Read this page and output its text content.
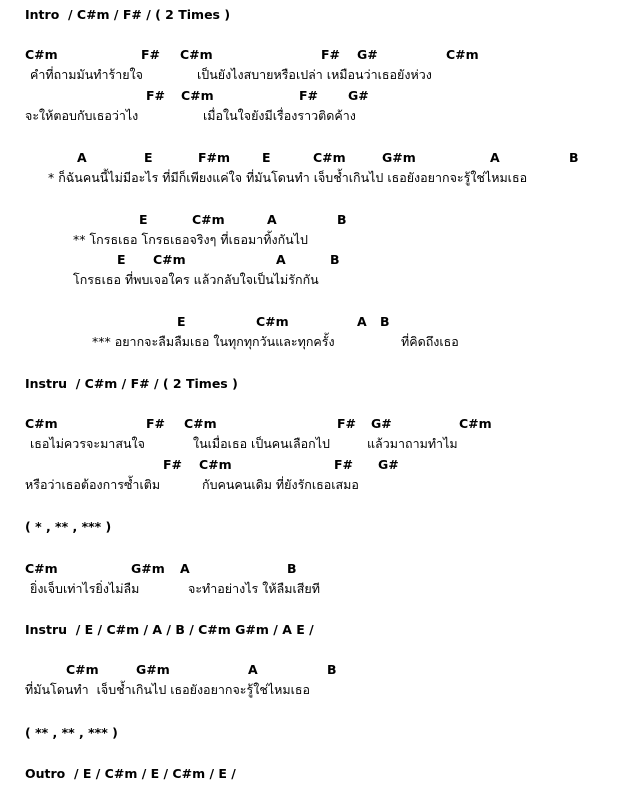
Intro  / C#m / F# / ( 2 Times )

C#m

	F#

C#m

	F#

G#

	C#m

คำที่ถามมันทำร้ายใจ

	เป็นยังไงสบายหรือเปล่า เหมือนว่าเธอยังห่วง

F#

C#m

	F#

G#

จะให้ตอบกับเธอว่าไง

	เมื่อในใจยังมีเรื่องราวติดค้าง

A

	E

	F#m

	E

	C#m

	G#m

	A

	B

* ก็ฉันคนนี้ไม่มีอะไร ที่มีก็เพียงแค่ใจ ที่มันโดนทำ เจ็บช้ำเกินไป เธอยังอยากจะรู้ใช่ไหมเธอ

E

	C#m

	A

	B

** โกรธเธอ โกรธเธอจริงๆ ที่เธอมาทิ้งกันไป

E

C#m

	A

	B

โกรธเธอ ที่พบเจอใคร แล้วกลับใจเป็นไม่รักกัน

E

	C#m

	A

B

*** อยากจะลืมลืมเธอ ในทุกทุกวันและทุกครั้ง

	ที่คิดถึงเธอ

Instru  / C#m / F# / ( 2 Times )

C#m

	F#

C#m

	F#

G#

	C#m

เธอไม่ควรจะมาสนใจ

	ในเมื่อเธอ เป็นคนเลือกไป

	แล้วมาถามทำไม

F#

C#m

	F#

G#

หรือว่าเธอต้องการซ้ำเติม

	กับคนคนเดิม ที่ยังรักเธอเสมอ

( * , ** , *** )

C#m

	G#m

A

	B

ยิ่งเจ็บเท่าไรยิ่งไม่ลืม

	จะทำอย่างไร ให้ลืมเสียที

Instru  / E / C#m / A / B / C#m G#m / A E /

C#m

	G#m

	A

	B

ที่มันโดนทำ  เจ็บช้ำเกินไป เธอยังอยากจะรู้ใช่ไหมเธอ
( ** , ** , *** )
Outro  / E / C#m / E / C#m / E /
